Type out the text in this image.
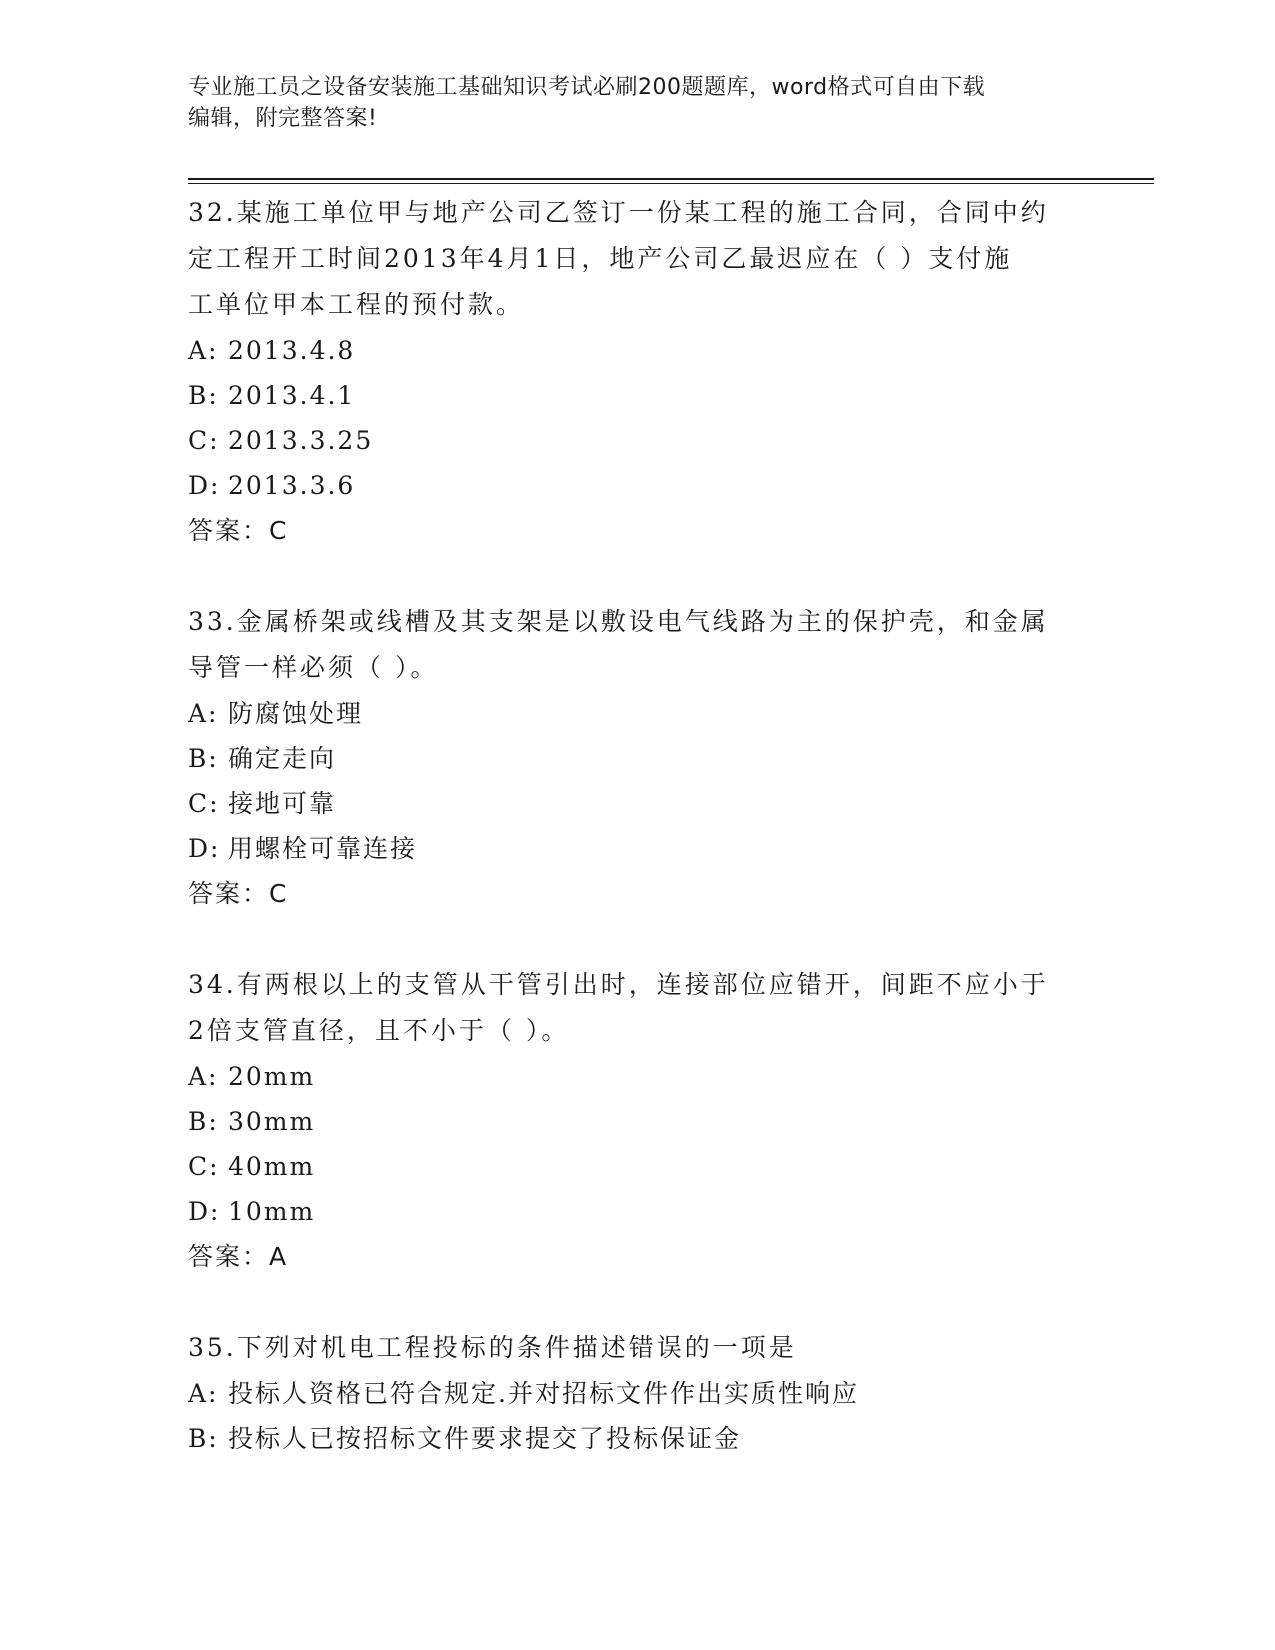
专业施工员之设备安装施工基础知识考试必刷200题题库，word格式可自由下载
编辑，附完整答案!

32.某施工单位甲与地产公司乙签订一份某工程的施工合同，合同中约

定工程开工时间2013年4月1日，地产公司乙最迟应在（ ）支付施

工单位甲本工程的预付款。

A: 2013.4.8

B: 2013.4.1

C: 2013.3.25

D: 2013.3.6

答案：C

33.金属桥架或线槽及其支架是以敷设电气线路为主的保护壳，和金属

导管一样必须（ ）。

A: 防腐蚀处理

B: 确定走向

C: 接地可靠

D: 用螺栓可靠连接

答案：C

34.有两根以上的支管从干管引出时，连接部位应错开，间距不应小于

2倍支管直径，且不小于（ ）。

A: 20mm

B: 30mm

C: 40mm

D: 10mm

答案：A

35.下列对机电工程投标的条件描述错误的一项是

A: 投标人资格已符合规定.并对招标文件作出实质性响应

B: 投标人已按招标文件要求提交了投标保证金
